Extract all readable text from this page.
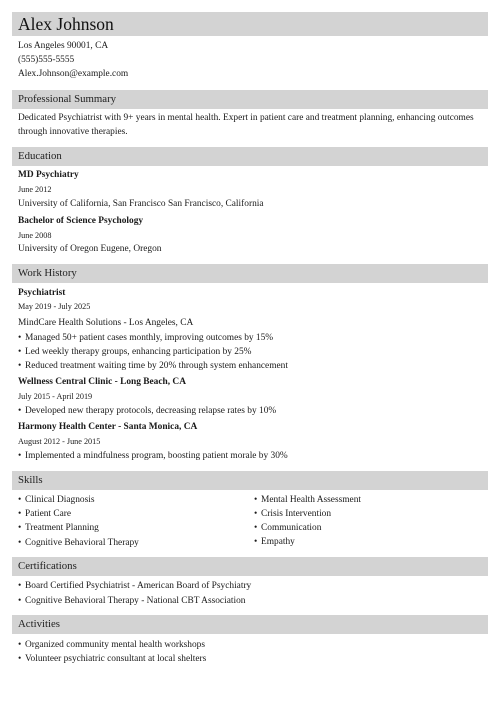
Alex Johnson
Los Angeles 90001, CA
(555)555-5555
Alex.Johnson@example.com
Professional Summary
Dedicated Psychiatrist with 9+ years in mental health. Expert in patient care and treatment planning, enhancing outcomes through innovative therapies.
Education
MD Psychiatry
June 2012
University of California, San Francisco San Francisco, California
Bachelor of Science Psychology
June 2008
University of Oregon Eugene, Oregon
Work History
Psychiatrist
May 2019 - July 2025
MindCare Health Solutions - Los Angeles, CA
• Managed 50+ patient cases monthly, improving outcomes by 15%
• Led weekly therapy groups, enhancing participation by 25%
• Reduced treatment waiting time by 20% through system enhancement
Wellness Central Clinic - Long Beach, CA
July 2015 - April 2019
• Developed new therapy protocols, decreasing relapse rates by 10%
Harmony Health Center - Santa Monica, CA
August 2012 - June 2015
• Implemented a mindfulness program, boosting patient morale by 30%
Skills
• Clinical Diagnosis
• Patient Care
• Treatment Planning
• Cognitive Behavioral Therapy
• Mental Health Assessment
• Crisis Intervention
• Communication
• Empathy
Certifications
• Board Certified Psychiatrist - American Board of Psychiatry
• Cognitive Behavioral Therapy - National CBT Association
Activities
• Organized community mental health workshops
• Volunteer psychiatric consultant at local shelters
